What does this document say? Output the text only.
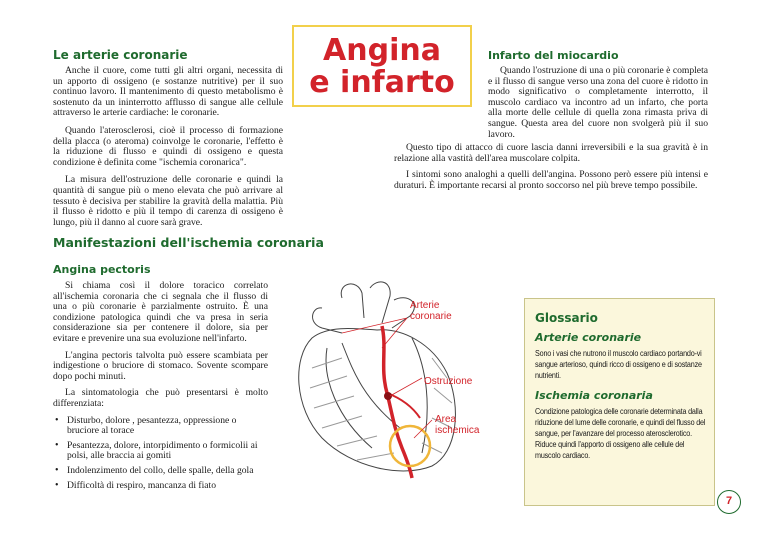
Le arterie coronarie

Anche il cuore, come tutti gli altri organi, necessita di un apporto di ossigeno (e sostanze nutritive) per il suo continuo lavoro. Il mantenimento di questo metabolismo è sostenuto da un ininterrotto afflusso di sangue alle cellule attraverso le arterie cardiache: le coronarie.

Quando l'aterosclerosi, cioè il processo di formazione della placca (o ateroma) coinvolge le coronarie, l'effetto è la riduzione di flusso e quindi di ossigeno e questa condizione è definita come "ischemia coronarica".

La misura dell'ostruzione delle coronarie e quindi la quantità di sangue più o meno elevata che può arrivare al tessuto è decisiva per stabilire la gravità della malattia. Più il flusso è ridotto e più il tempo di carenza di ossigeno è lungo, più il danno al cuore sarà grave.

Angina
e infarto
Infarto del miocardio

Quando l'ostruzione di una o più coronarie è completa e il flusso di sangue verso una zona del cuore è ridotto in modo significativo o completamente interrotto, il muscolo cardiaco va incontro ad un infarto, che porta alla morte delle cellule di quella zona rimasta priva di sangue. Questa area del cuore non svolgerà più il suo lavoro.

Questo tipo di attacco di cuore lascia danni irreversibili e la sua gravità è in relazione alla vastità dell'area muscolare colpita.

I sintomi sono analoghi a quelli dell'angina. Possono però essere più intensi e duraturi. È importante recarsi al pronto soccorso nel più breve tempo possibile.

Manifestazioni dell'ischemia coronaria
Angina pectoris

Si chiama così il dolore toracico correlato all'ischemia coronaria che ci segnala che il flusso di una o più coronarie è parzialmente ostruito. È una condizione patologica quindi che va presa in seria considerazione sia per contenere il dolore, sia per evitare e prevenire una sua evoluzione nell'infarto.

L'angina pectoris talvolta può essere scambiata per indigestione o bruciore di stomaco. Sovente scompare dopo pochi minuti.

La sintomatologia che può presentarsi è molto differenziata:

• Disturbo, dolore , pesantezza, oppressione o bruciore al torace
• Pesantezza, dolore, intorpidimento o formicolii ai polsi, alle braccia ai gomiti
• Indolenzimento del collo, delle spalle, della gola
• Difficoltà di respiro, mancanza di fiato
Arterie coronarie
Ostruzione
Area ischemica
Glossario
Arterie coronarie

Sono i vasi che nutrono il muscolo cardiaco portando-vi sangue arterioso, quindi ricco di ossigeno e di sostanze nutrienti.

Ischemia coronaria

Condizione patologica delle coronarie determinata dalla riduzione del lume delle coronarie, e quindi del flusso del sangue, per l'avanzare del processo aterosclerotico. Riduce quindi l'apporto di ossigeno alle cellule del muscolo cardiaco.

7
